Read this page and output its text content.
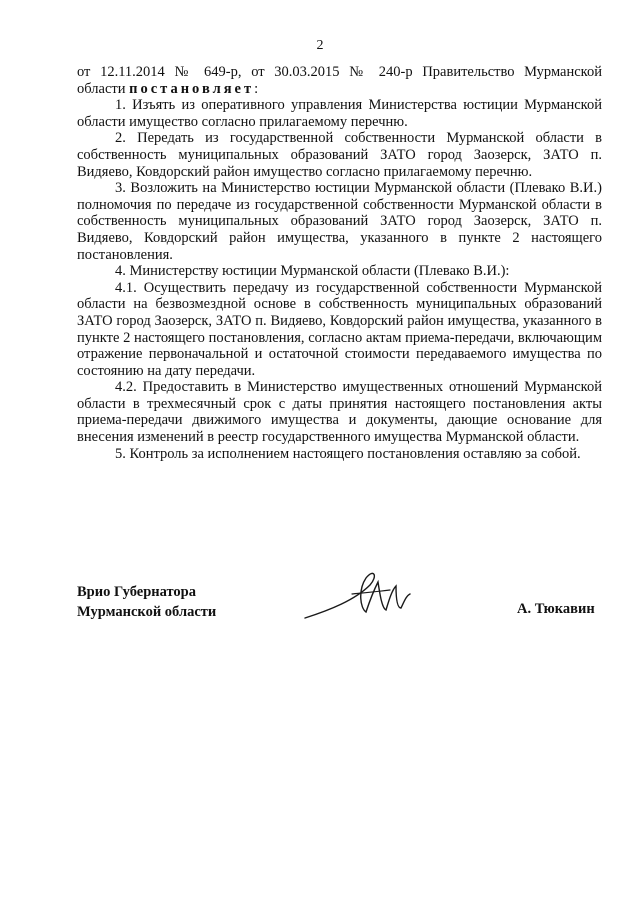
2

от 12.11.2014 № 649-р, от 30.03.2015 № 240-р Правительство Мурманской

области постановляет:

1. Изъять из оперативного управления Министерства юстиции Мурманской области имущество согласно прилагаемому перечню.

2. Передать из государственной собственности Мурманской области в собственность муниципальных образований ЗАТО город Заозерск, ЗАТО п. Видяево, Ковдорский район имущество согласно прилагаемому перечню.

3. Возложить на Министерство юстиции Мурманской области (Плевако В.И.) полномочия по передаче из государственной собственности Мурманской области в собственность муниципальных образований ЗАТО город Заозерск, ЗАТО п. Видяево, Ковдорский район имущества, указанного в пункте 2 настоящего постановления.

4. Министерству юстиции Мурманской области (Плевако В.И.):

4.1. Осуществить передачу из государственной собственности Мурманской области на безвозмездной основе в собственность муниципальных образований ЗАТО город Заозерск, ЗАТО п. Видяево, Ковдорский район имущества, указанного в пункте 2 настоящего постановления, согласно актам приема-передачи, включающим отражение первоначальной и остаточной стоимости передаваемого имущества по состоянию на дату передачи.

4.2. Предоставить в Министерство имущественных отношений Мурманской области в трехмесячный срок с даты принятия настоящего постановления акты приема-передачи движимого имущества и документы, дающие основание для внесения изменений в реестр государственного имущества Мурманской области.

5. Контроль за исполнением настоящего постановления оставляю за собой.

Врио Губернатора
Мурманской области	А. Тюкавин
